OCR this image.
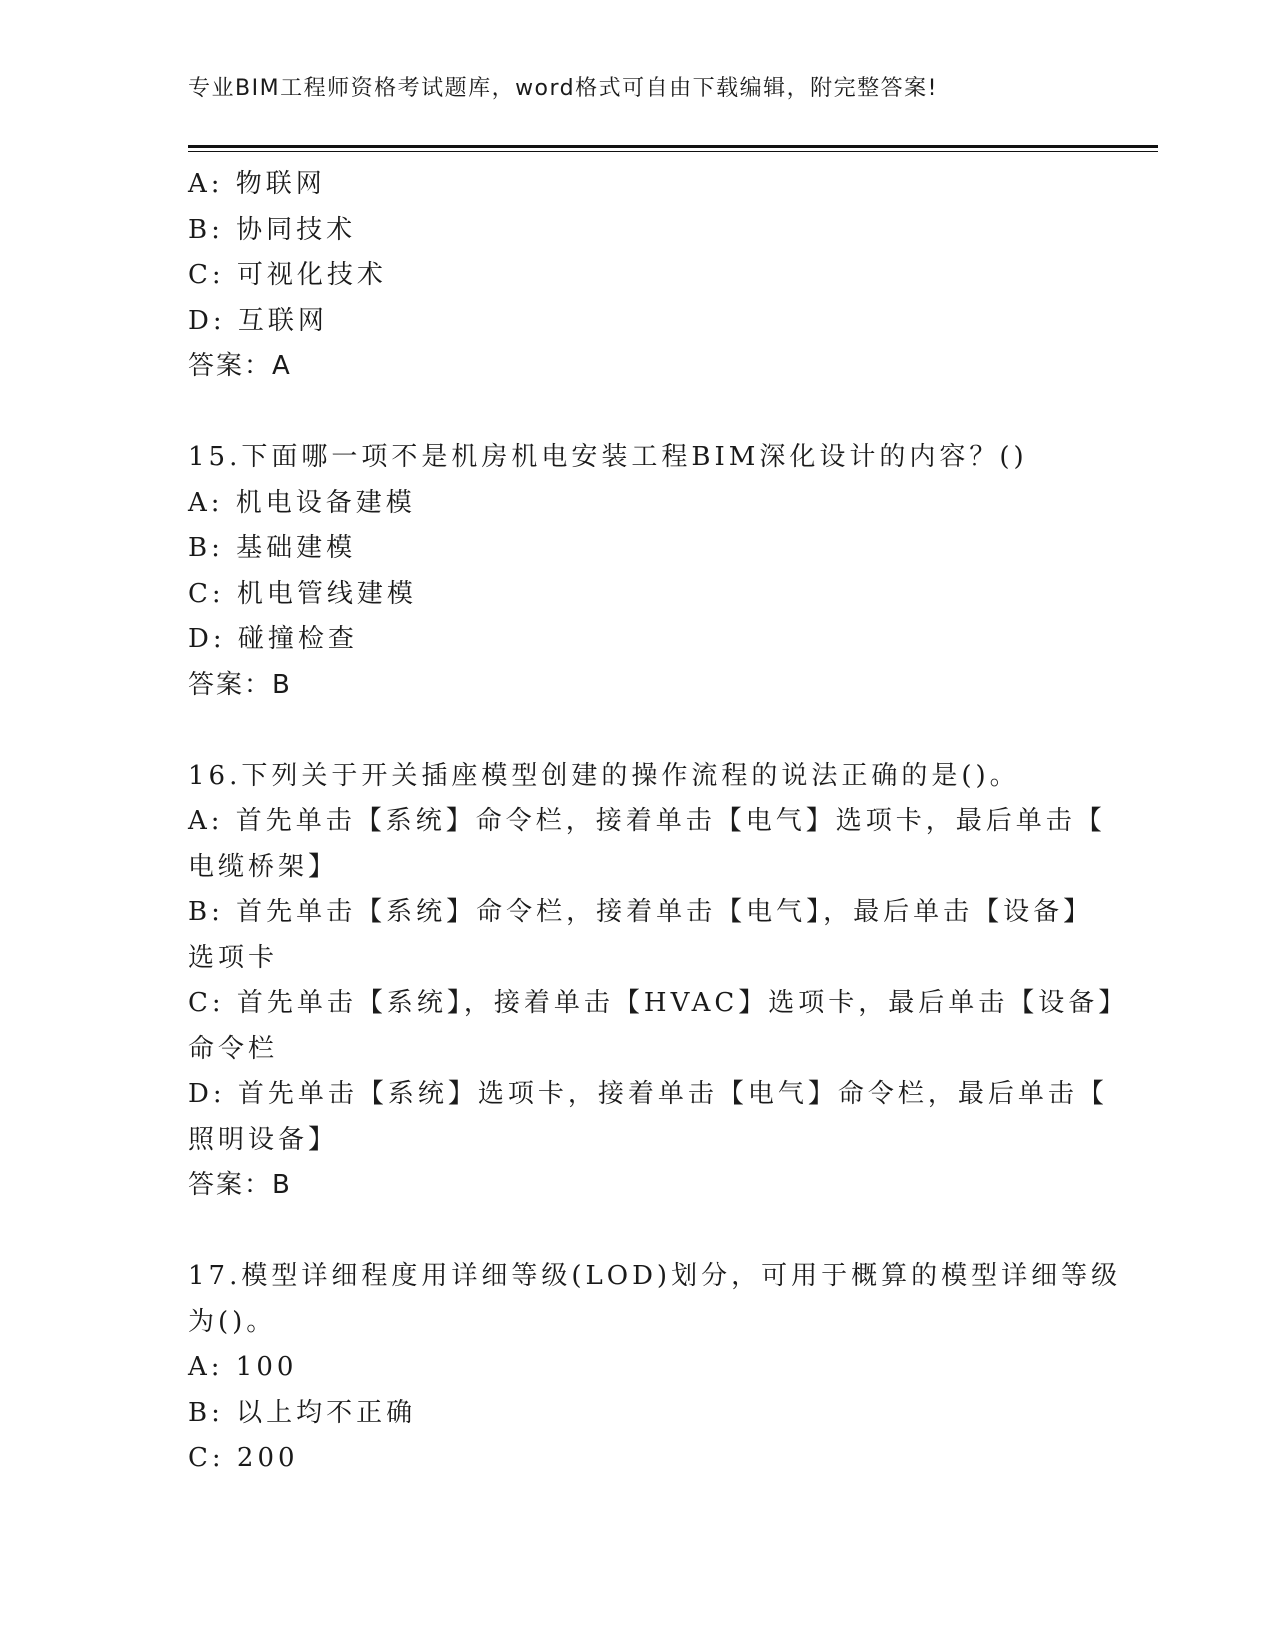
专业BIM工程师资格考试题库，word格式可自由下载编辑，附完整答案!
A: 物联网
B: 协同技术
C: 可视化技术
D: 互联网
答案：A
15.下面哪一项不是机房机电安装工程BIM深化设计的内容？()
A: 机电设备建模
B: 基础建模
C: 机电管线建模
D: 碰撞检查
答案：B
16.下列关于开关插座模型创建的操作流程的说法正确的是()。
A: 首先单击【系统】命令栏，接着单击【电气】选项卡，最后单击【
电缆桥架】
B: 首先单击【系统】命令栏，接着单击【电气】，最后单击【设备】
选项卡
C: 首先单击【系统】，接着单击【HVAC】选项卡，最后单击【设备】
命令栏
D: 首先单击【系统】选项卡，接着单击【电气】命令栏，最后单击【
照明设备】
答案：B
17.模型详细程度用详细等级(LOD)划分，可用于概算的模型详细等级
为()。
A: 100
B: 以上均不正确
C: 200
